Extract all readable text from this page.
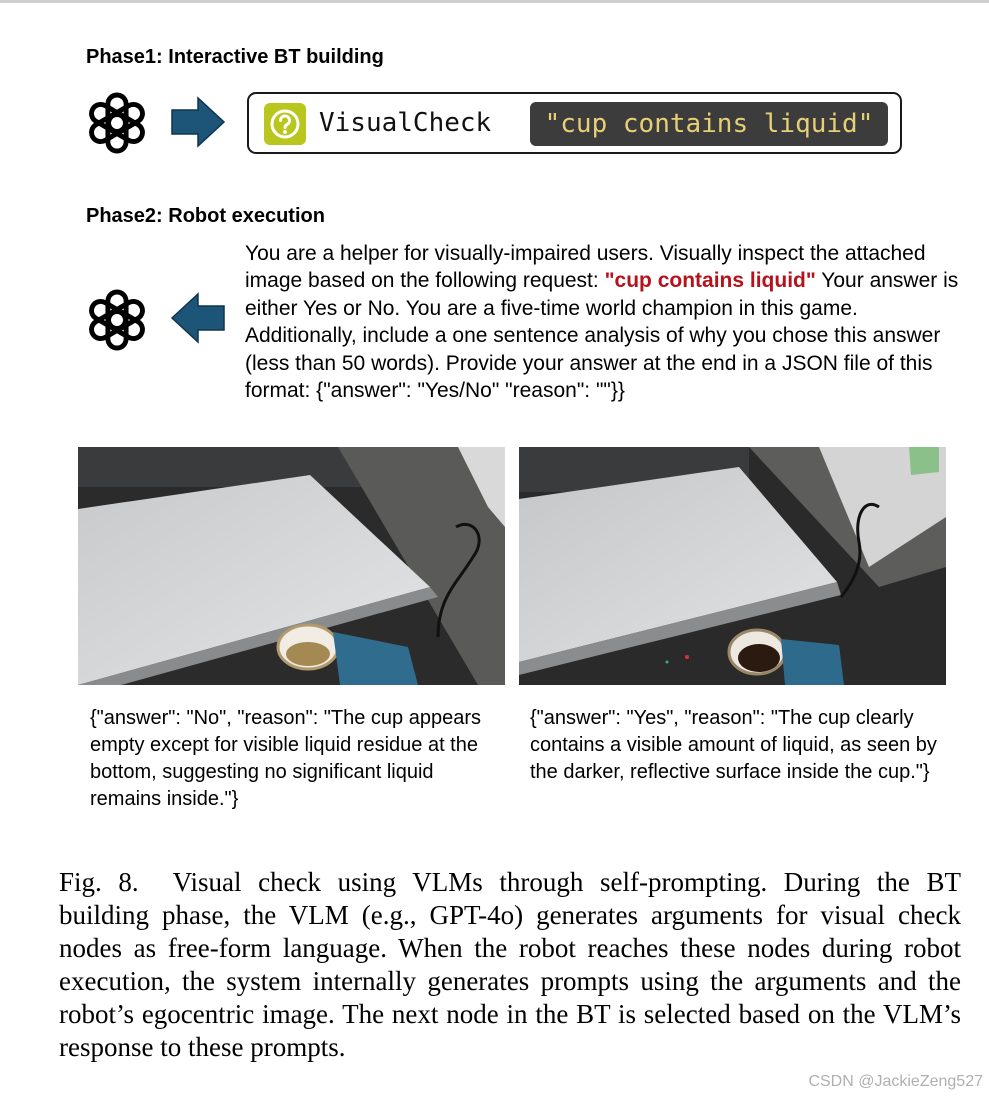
Phase1: Interactive BT building
VisualCheck	"cup contains liquid"
Phase2: Robot execution
You are a helper for visually-impaired users. Visually inspect the attached image based on the following request: "cup contains liquid" Your answer is either Yes or No. You are a five-time world champion in this game. Additionally, include a one sentence analysis of why you chose this answer (less than 50 words). Provide your answer at the end in a JSON file of this format: {"answer": "Yes/No" "reason": ""}}
{"answer": "No", "reason": "The cup appears empty except for visible liquid residue at the bottom, suggesting no significant liquid remains inside."}
{"answer": "Yes", "reason": "The cup clearly contains a visible amount of liquid, as seen by the darker, reflective surface inside the cup."}
Fig. 8. Visual check using VLMs through self-prompting. During the BT building phase, the VLM (e.g., GPT-4o) generates arguments for visual check nodes as free-form language. When the robot reaches these nodes during robot execution, the system internally generates prompts using the arguments and the robot’s egocentric image. The next node in the BT is selected based on the VLM’s response to these prompts.
CSDN @JackieZeng527
